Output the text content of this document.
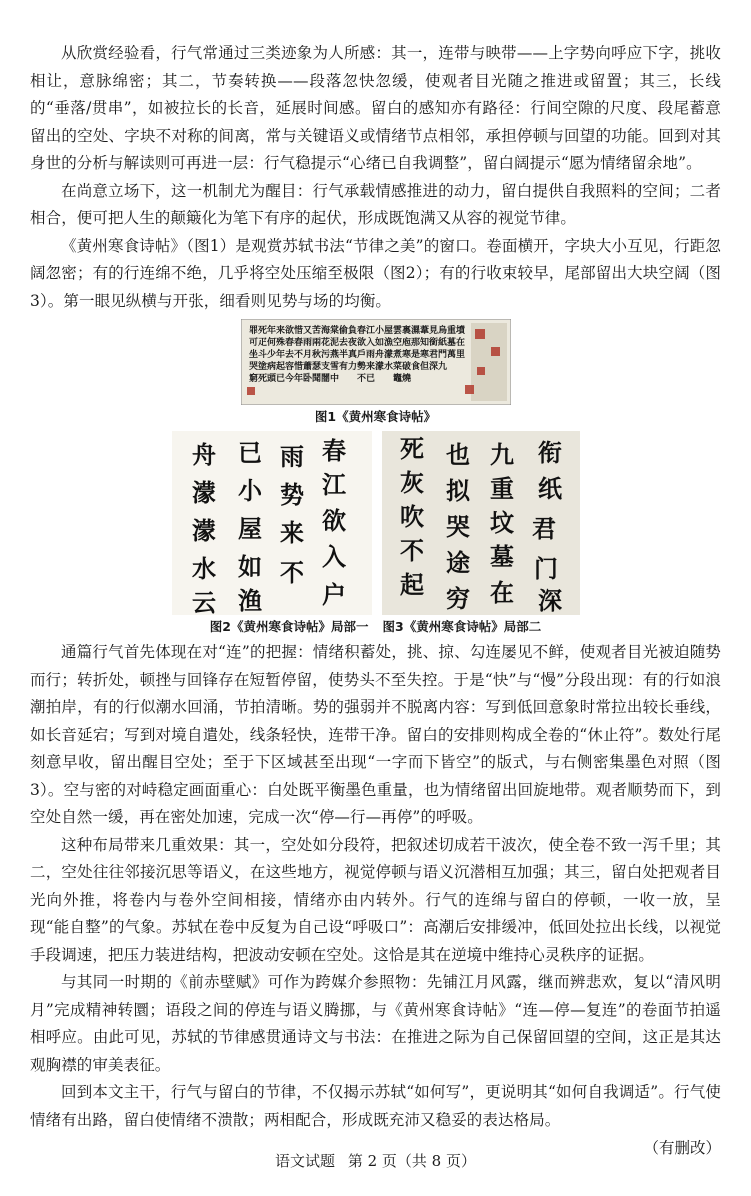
从欣赏经验看，行气常通过三类迹象为人所感：其一，连带与映带——上字势向呼应下字，挑收相让，意脉绵密；其二，节奏转换——段落忽快忽缓，使观者目光随之推进或留置；其三，长线的“垂落/贯串”，如被拉长的长音，延展时间感。留白的感知亦有路径：行间空隙的尺度、段尾蓄意留出的空处、字块不对称的间离，常与关键语义或情绪节点相邻，承担停顿与回望的功能。回到对其身世的分析与解读则可再进一层：行气稳提示“心绪已自我调整”，留白阔提示“愿为情绪留余地”。

在尚意立场下，这一机制尤为醒目：行气承载情感推进的动力，留白提供自我照料的空间；二者相合，便可把人生的颠簸化为笔下有序的起伏，形成既饱满又从容的视觉节律。

《黄州寒食诗帖》（图1）是观赏苏轼书法“节律之美”的窗口。卷面横开，字块大小互见，行距忽阔忽密；有的行连绵不绝，几乎将空处压缩至极限（图2）；有的行收束较早，尾部留出大块空阔（图3）。第一眼见纵横与开张，细看则见势与场的均衡。

罪死
可疋
坐斗
哭塗
窮死
年来
何殊
少年
病起
頭已
欲惜
春春
去不
容惜
今年
又苦
雨兩
月秋
蕭瑟
卧聞
海棠
花泥
污燕
支雪
闇中
偷負
去夜
半真
有力
春江
欲入
戶雨
勢来
不已
小屋
如漁
舟濛
濛水
雲裏
空庖
煮寒
菜破
竈燒
濕葦
那知
是寒
食但
見烏
銜紙
君門
深九
重墳
墓在
萬里
图1《黄州寒食诗帖》
春
江
欲
入
户
雨
势
来
不
已
小
屋
如
渔
舟
濛
濛
水
云
衔
纸
君
门
深
九
重
坟
墓
在
也
拟
哭
途
穷
死
灰
吹
不
起
图2《黄州寒食诗帖》局部一 图3《黄州寒食诗帖》局部二

通篇行气首先体现在对“连”的把握：情绪积蓄处，挑、掠、勾连屡见不鲜，使观者目光被迫随势而行；转折处，顿挫与回锋存在短暂停留，使势头不至失控。于是“快”与“慢”分段出现：有的行如浪潮拍岸，有的行似潮水回涌，节拍清晰。势的强弱并不脱离内容：写到低回意象时常拉出较长垂线，如长音延宕；写到对境自遣处，线条轻快，连带干净。留白的安排则构成全卷的“休止符”。数处行尾刻意早收，留出醒目空处；至于下区域甚至出现“一字而下皆空”的版式，与右侧密集墨色对照（图3）。空与密的对峙稳定画面重心：白处既平衡墨色重量，也为情绪留出回旋地带。观者顺势而下，到空处自然一缓，再在密处加速，完成一次“停—行—再停”的呼吸。

这种布局带来几重效果：其一，空处如分段符，把叙述切成若干波次，使全卷不致一泻千里；其二，空处往往邻接沉思等语义，在这些地方，视觉停顿与语义沉潜相互加强；其三，留白处把观者目光向外推，将卷内与卷外空间相接，情绪亦由内转外。行气的连绵与留白的停顿，一收一放，呈现“能自整”的气象。苏轼在卷中反复为自己设“呼吸口”：高潮后安排缓冲，低回处拉出长线，以视觉手段调速，把压力装进结构，把波动安顿在空处。这恰是其在逆境中维持心灵秩序的证据。

与其同一时期的《前赤壁赋》可作为跨媒介参照物：先铺江月风露，继而辨悲欢，复以“清风明月”完成精神转圜；语段之间的停连与语义腾挪，与《黄州寒食诗帖》“连—停—复连”的卷面节拍遥相呼应。由此可见，苏轼的节律感贯通诗文与书法：在推进之际为自己保留回望的空间，这正是其达观胸襟的审美表征。

回到本文主干，行气与留白的节律，不仅揭示苏轼“如何写”，更说明其“如何自我调适”。行气使情绪有出路，留白使情绪不溃散；两相配合，形成既充沛又稳妥的表达格局。

（有删改）

语文试题 第 2 页（共 8 页）
